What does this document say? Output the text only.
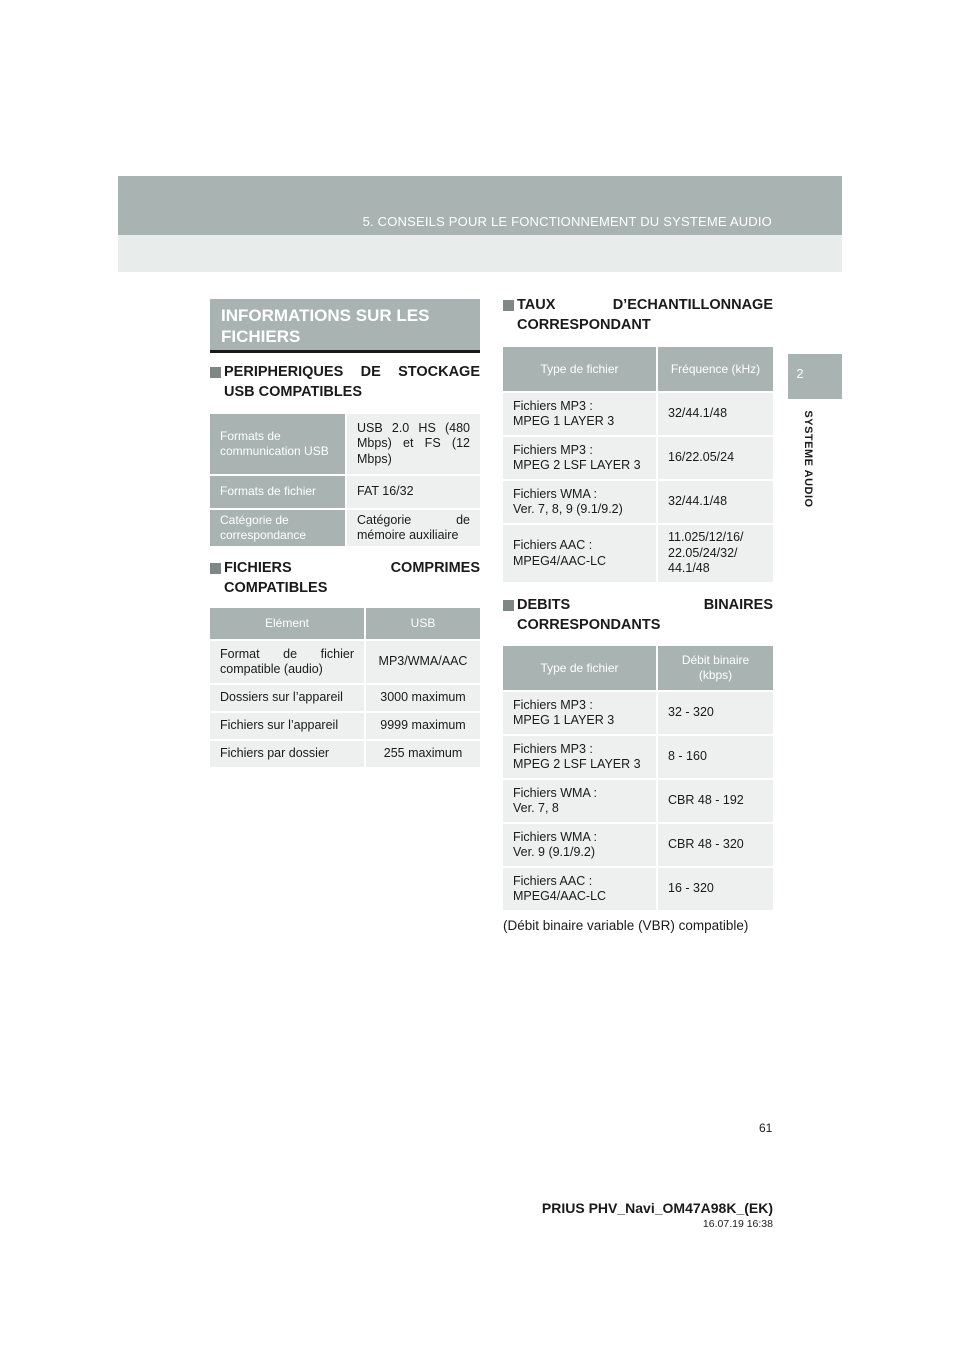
5. CONSEILS POUR LE FONCTIONNEMENT DU SYSTEME AUDIO
2
SYSTEME AUDIO
INFORMATIONS SUR LES FICHIERS
PERIPHERIQUES DE STOCKAGE
USB COMPATIBLES
Formats de communication USB	USB 2.0 HS (480 Mbps) et FS (12 Mbps)
Formats de fichier	FAT 16/32
Catégorie de correspondance	Catégorie de mémoire auxiliaire
FICHIERS COMPRIMES
COMPATIBLES
Elément	USB
Format de fichier compatible (audio)	MP3/WMA/AAC
Dossiers sur l’appareil	3000 maximum
Fichiers sur l’appareil	9999 maximum
Fichiers par dossier	255 maximum
TAUX D’ECHANTILLONNAGE
CORRESPONDANT
Type de fichier	Fréquence (kHz)
Fichiers MP3 :
MPEG 1 LAYER 3	32/44.1/48
Fichiers MP3 :
MPEG 2 LSF LAYER 3	16/22.05/24
Fichiers WMA :
Ver. 7, 8, 9 (9.1/9.2)	32/44.1/48
Fichiers AAC :
MPEG4/AAC-LC	11.025/12/16/ 22.05/24/32/ 44.1/48
DEBITS BINAIRES
CORRESPONDANTS
Type de fichier	Débit binaire (kbps)
Fichiers MP3 :
MPEG 1 LAYER 3	32 - 320
Fichiers MP3 :
MPEG 2 LSF LAYER 3	8 - 160
Fichiers WMA :
Ver. 7, 8	CBR 48 - 192
Fichiers WMA :
Ver. 9 (9.1/9.2)	CBR 48 - 320
Fichiers AAC :
MPEG4/AAC-LC	16 - 320
(Débit binaire variable (VBR) compatible)
61
PRIUS PHV_Navi_OM47A98K_(EK)
16.07.19 16:38
